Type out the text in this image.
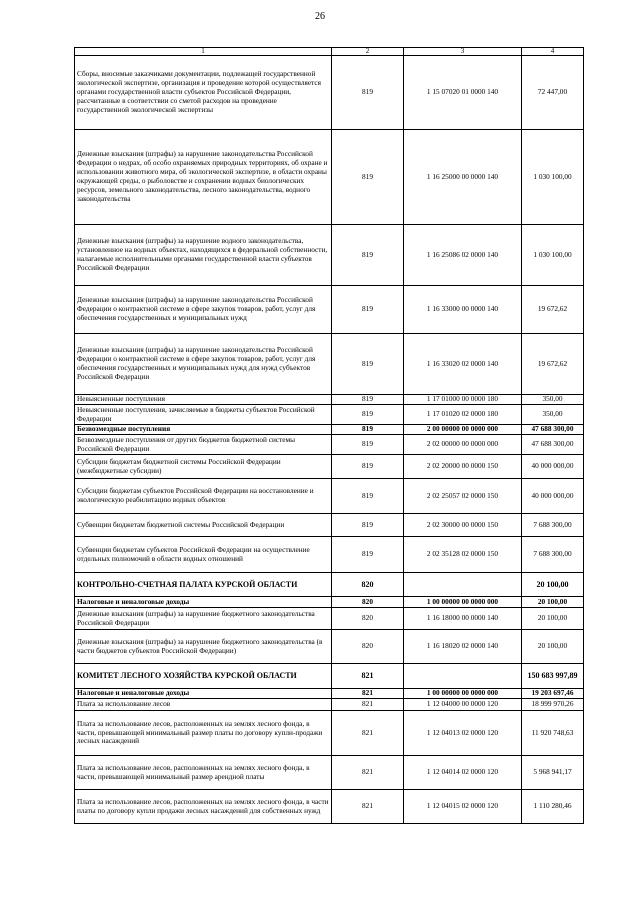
26
1	2	3	4
Сборы, вносимые заказчиками документации, подлежащей государственной экологической экспертизе, организация и проведение которой осуществляется органами государственной власти субъектов Российской Федерации, рассчитанные в соответствии со сметой расходов на проведение государственной экологической экспертизы	819	1 15 07020 01 0000 140	72 447,00
Денежные взыскания (штрафы) за нарушение законодательства Российской Федерации о недрах, об особо охраняемых природных территориях, об охране и использовании животного мира, об экологической экспертизе, в области охраны окружающей среды, о рыболовстве и сохранении водных биологических ресурсов, земельного законодательства, лесного законодательства, водного законодательства	819	1 16 25000 00 0000 140	1 030 100,00
Денежные взыскания (штрафы) за нарушение водного законодательства, установленное на водных объектах, находящихся в федеральной собственности, налагаемые исполнительными органами государственной власти субъектов Российской Федерации	819	1 16 25086 02 0000 140	1 030 100,00
Денежные взыскания (штрафы) за нарушение законодательства Российской Федерации о контрактной системе в сфере закупок товаров, работ, услуг для обеспечения государственных и муниципальных нужд	819	1 16 33000 00 0000 140	19 672,62
Денежные взыскания (штрафы) за нарушение законодательства Российской Федерации о контрактной системе в сфере закупок товаров, работ, услуг для обеспечения государственных и муниципальных нужд для нужд субъектов Российской Федерации	819	1 16 33020 02 0000 140	19 672,62
Невыясненные поступления	819	1 17 01000 00 0000 180	350,00
Невыясненные поступления, зачисляемые в бюджеты субъектов Российской Федерации	819	1 17 01020 02 0000 180	350,00
Безвозмездные поступления	819	2 00 00000 00 0000 000	47 688 300,00
Безвозмездные поступления от других бюджетов бюджетной системы Российской Федерации	819	2 02 00000 00 0000 000	47 688 300,00
Субсидии бюджетам бюджетной системы Российской Федерации (межбюджетные субсидии)	819	2 02 20000 00 0000 150	40 000 000,00
Субсидии бюджетам субъектов Российской Федерации на восстановление и экологическую реабилитацию водных объектов	819	2 02 25057 02 0000 150	40 000 000,00
Субвенции бюджетам бюджетной системы Российской Федерации	819	2 02 30000 00 0000 150	7 688 300,00
Субвенции бюджетам субъектов Российской Федерации на осуществление отдельных полномочий в области водных отношений	819	2 02 35128 02 0000 150	7 688 300,00
КОНТРОЛЬНО-СЧЕТНАЯ ПАЛАТА КУРСКОЙ ОБЛАСТИ	820		20 100,00
Налоговые и неналоговые доходы	820	1 00 00000 00 0000 000	20 100,00
Денежные взыскания (штрафы) за нарушение бюджетного законодательства Российской Федерации	820	1 16 18000 00 0000 140	20 100,00
Денежные взыскания (штрафы) за нарушение бюджетного законодательства (в части бюджетов субъектов Российской Федерации)	820	1 16 18020 02 0000 140	20 100,00
КОМИТЕТ ЛЕСНОГО ХОЗЯЙСТВА КУРСКОЙ ОБЛАСТИ	821		150 683 997,89
Налоговые и неналоговые доходы	821	1 00 00000 00 0000 000	19 203 697,46
Плата за использование лесов	821	1 12 04000 00 0000 120	18 999 970,26
Плата за использование лесов, расположенных на землях лесного фонда, в части, превышающей минимальный размер платы по договору купли-продажи лесных насаждений	821	1 12 04013 02 0000 120	11 920 748,63
Плата за использование лесов, расположенных на землях лесного фонда, в части, превышающей минимальный размер арендной платы	821	1 12 04014 02 0000 120	5 968 941,17
Плата за использование лесов, расположенных на землях лесного фонда, в части платы по договору купли продажи лесных насаждений для собственных нужд	821	1 12 04015 02 0000 120	1 110 280,46
